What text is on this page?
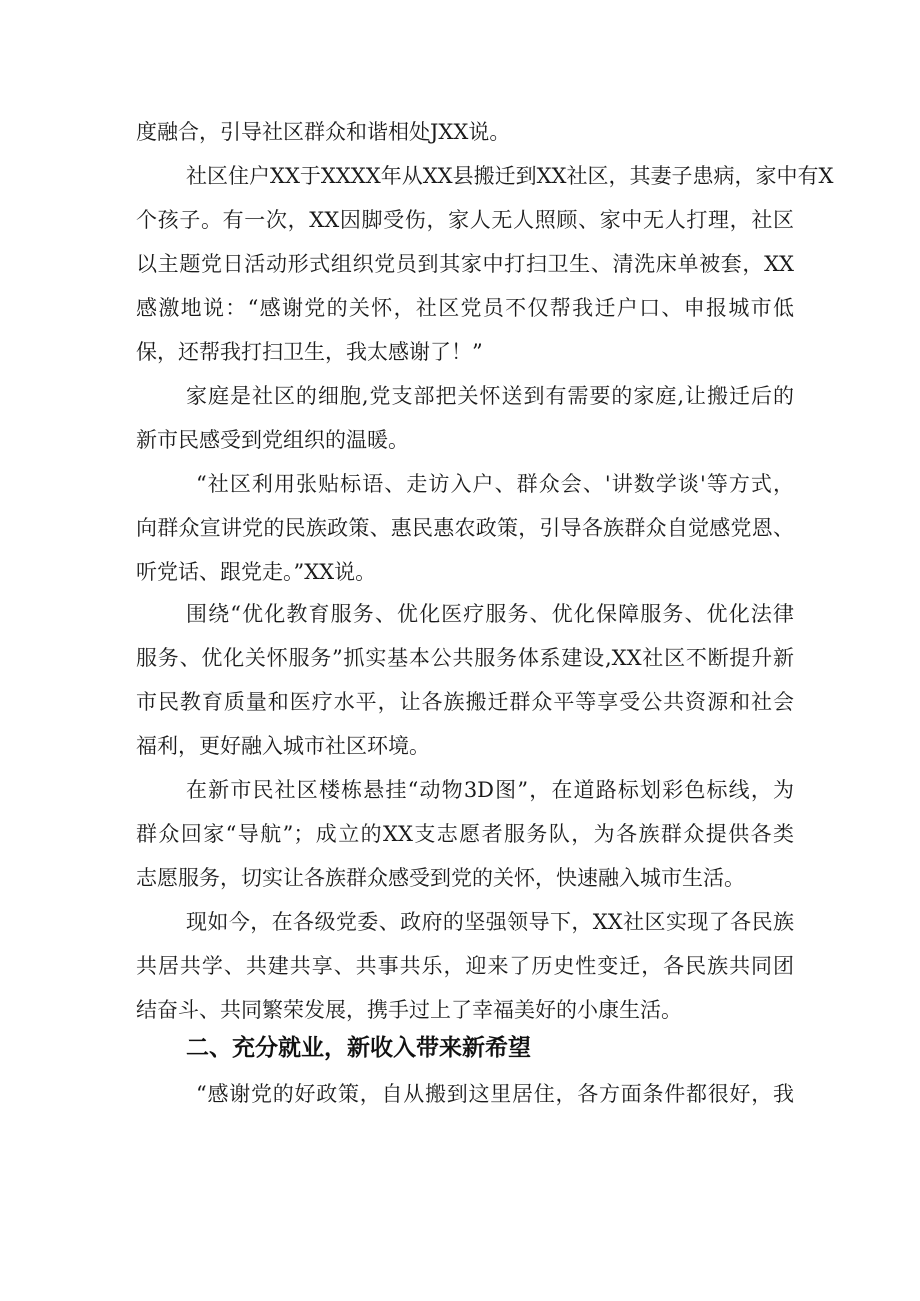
度融合，引导社区群众和谐相处JXX说。

社区住户XX于XXXX年从XX县搬迁到XX社区，其妻子患病，家中有X

个孩子。有一次，XX因脚受伤，家人无人照顾、家中无人打理，社区

以主题党日活动形式组织党员到其家中打扫卫生、清洗床单被套，XX

感激地说：“感谢党的关怀，社区党员不仅帮我迁户口、申报城市低

保，还帮我打扫卫生，我太感谢了！”

家庭是社区的细胞,党支部把关怀送到有需要的家庭,让搬迁后的

新市民感受到党组织的温暖。

“社区利用张贴标语、走访入户、群众会、'讲数学谈'等方式，

向群众宣讲党的民族政策、惠民惠农政策，引导各族群众自觉感党恩、

听党话、跟党走。”XX说。

围绕“优化教育服务、优化医疗服务、优化保障服务、优化法律

服务、优化关怀服务”抓实基本公共服务体系建设,XX社区不断提升新

市民教育质量和医疗水平，让各族搬迁群众平等享受公共资源和社会

福利，更好融入城市社区环境。

在新市民社区楼栋悬挂“动物3D图”，在道路标划彩色标线，为

群众回家“导航”；成立的XX支志愿者服务队，为各族群众提供各类

志愿服务，切实让各族群众感受到党的关怀，快速融入城市生活。

现如今，在各级党委、政府的坚强领导下，XX社区实现了各民族

共居共学、共建共享、共事共乐，迎来了历史性变迁，各民族共同团

结奋斗、共同繁荣发展，携手过上了幸福美好的小康生活。

二、充分就业，新收入带来新希望

“感谢党的好政策，自从搬到这里居住，各方面条件都很好，我
